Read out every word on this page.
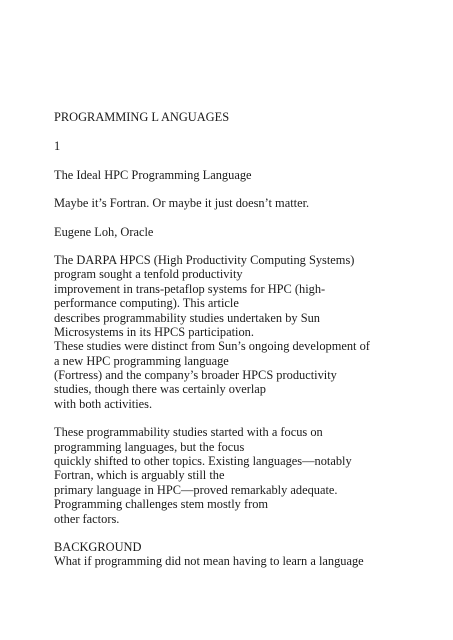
PROGRAMMING L ANGUAGES
1
The Ideal HPC Programming Language
Maybe it’s Fortran. Or maybe it just doesn’t matter.
Eugene Loh, Oracle
The DARPA HPCS (High Productivity Computing Systems)
program sought a tenfold productivity
improvement in trans-petaflop systems for HPC (high-
performance computing). This article
describes programmability studies undertaken by Sun
Microsystems in its HPCS participation.
These studies were distinct from Sun’s ongoing development of
a new HPC programming language
(Fortress) and the company’s broader HPCS productivity
studies, though there was certainly overlap
with both activities.
These programmability studies started with a focus on
programming languages, but the focus
quickly shifted to other topics. Existing languages—notably
Fortran, which is arguably still the
primary language in HPC—proved remarkably adequate.
Programming challenges stem mostly from
other factors.
BACKGROUND
What if programming did not mean having to learn a language
